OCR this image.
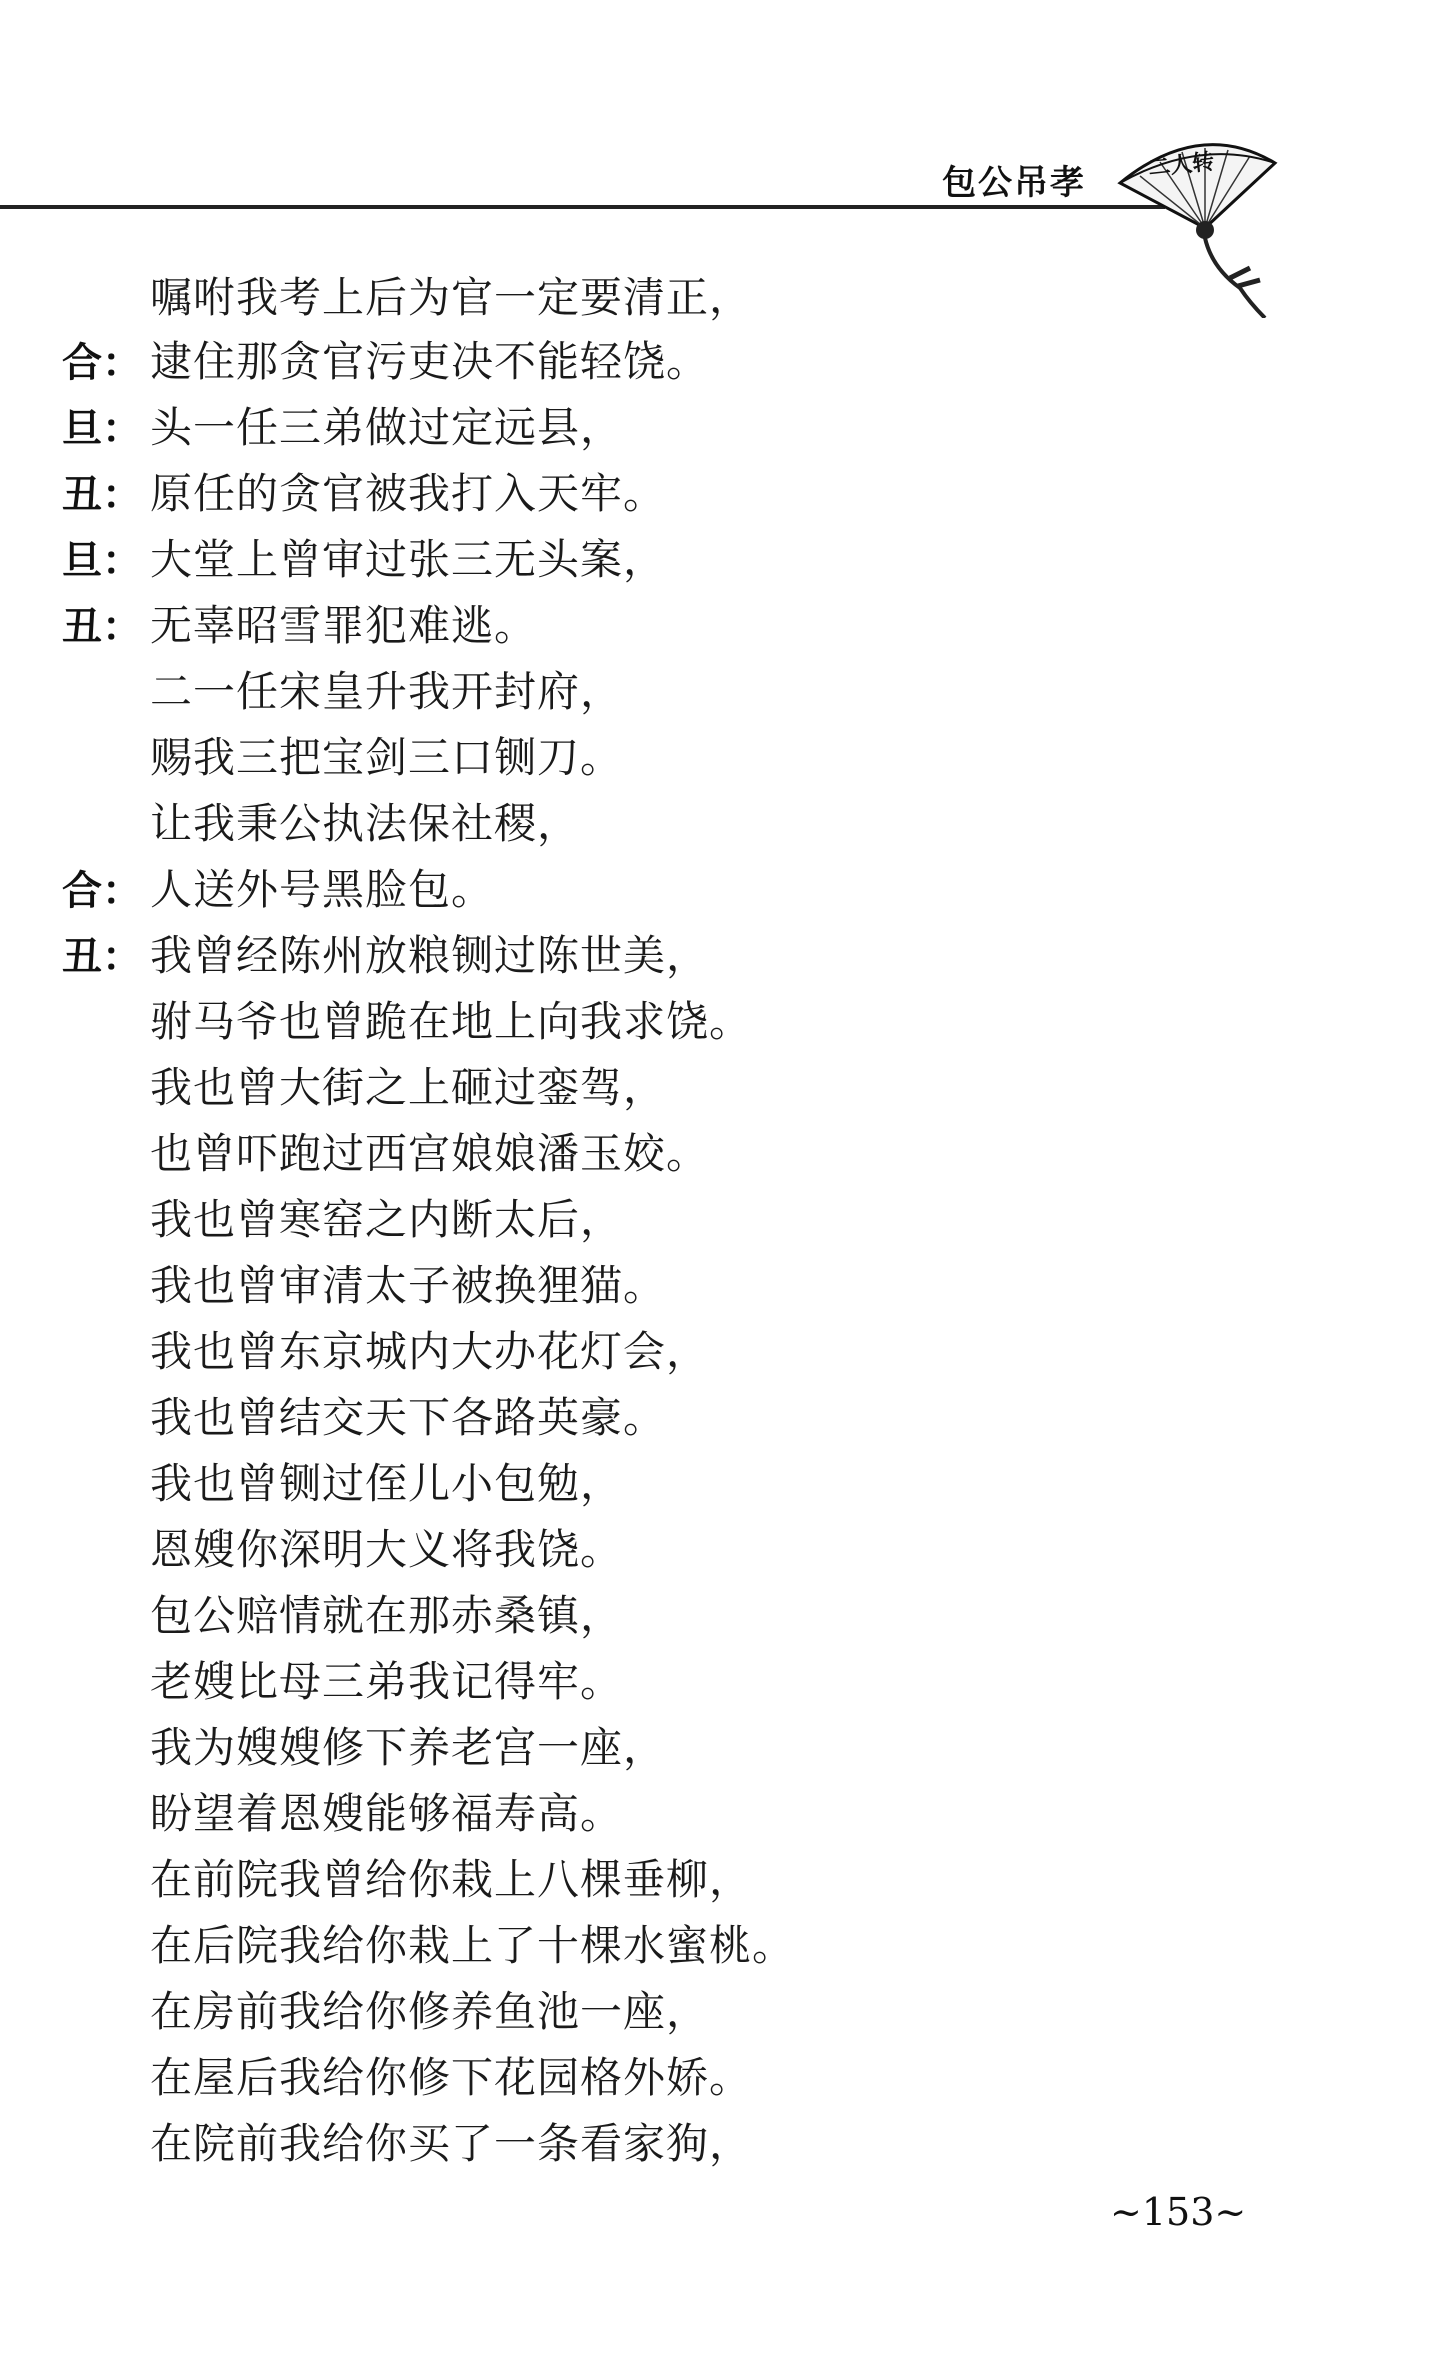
包公吊孝	二人转
嘱咐我考上后为官一定要清正，
合： 逮住那贪官污吏决不能轻饶。
旦： 头一任三弟做过定远县，
丑： 原任的贪官被我打入天牢。
旦： 大堂上曾审过张三无头案，
丑： 无辜昭雪罪犯难逃。
二一任宋皇升我开封府，
赐我三把宝剑三口铡刀。
让我秉公执法保社稷，
合： 人送外号黑脸包。
丑： 我曾经陈州放粮铡过陈世美，
驸马爷也曾跪在地上向我求饶。
我也曾大街之上砸过銮驾，
也曾吓跑过西宫娘娘潘玉姣。
我也曾寒窑之内断太后，
我也曾审清太子被换狸猫。
我也曾东京城内大办花灯会，
我也曾结交天下各路英豪。
我也曾铡过侄儿小包勉，
恩嫂你深明大义将我饶。
包公赔情就在那赤桑镇，
老嫂比母三弟我记得牢。
我为嫂嫂修下养老宫一座，
盼望着恩嫂能够福寿高。
在前院我曾给你栽上八棵垂柳，
在后院我给你栽上了十棵水蜜桃。
在房前我给你修养鱼池一座，
在屋后我给你修下花园格外娇。
在院前我给你买了一条看家狗，
~153~
